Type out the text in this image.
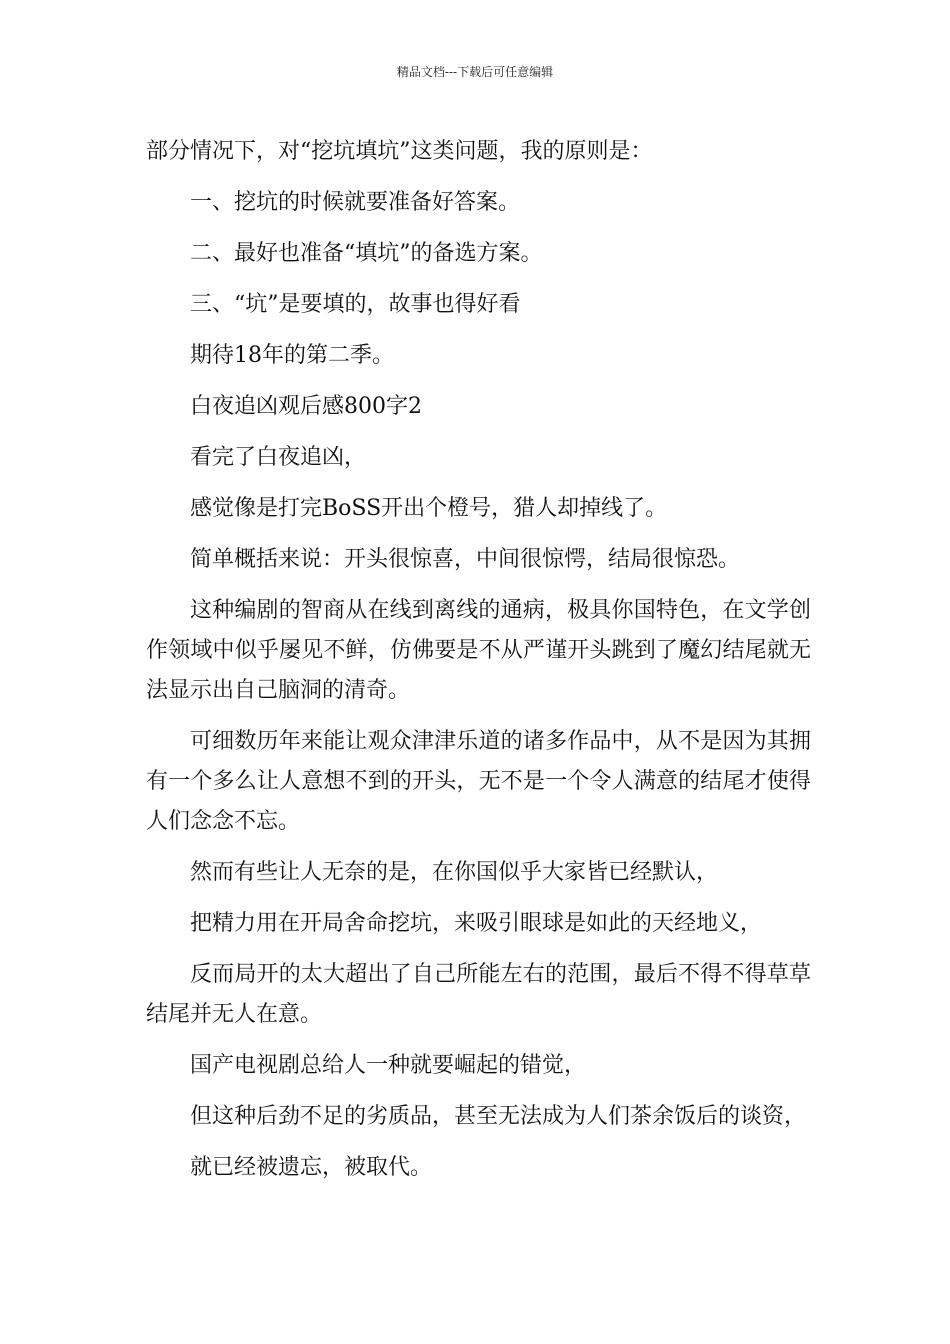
精品文档---下载后可任意编辑

部分情况下，对“挖坑填坑”这类问题，我的原则是：

一、挖坑的时候就要准备好答案。

二、最好也准备“填坑”的备选方案。

三、“坑”是要填的，故事也得好看

期待18年的第二季。

白夜追凶观后感800字2

看完了白夜追凶，

感觉像是打完BoSS开出个橙号，猎人却掉线了。

简单概括来说：开头很惊喜，中间很惊愕，结局很惊恐。

这种编剧的智商从在线到离线的通病，极具你国特色，在文学创作领域中似乎屡见不鲜，仿佛要是不从严谨开头跳到了魔幻结尾就无法显示出自己脑洞的清奇。

可细数历年来能让观众津津乐道的诸多作品中，从不是因为其拥有一个多么让人意想不到的开头，无不是一个令人满意的结尾才使得人们念念不忘。

然而有些让人无奈的是，在你国似乎大家皆已经默认，

把精力用在开局舍命挖坑，来吸引眼球是如此的天经地义，

反而局开的太大超出了自己所能左右的范围，最后不得不得草草结尾并无人在意。

国产电视剧总给人一种就要崛起的错觉，

但这种后劲不足的劣质品，甚至无法成为人们茶余饭后的谈资，

就已经被遗忘，被取代。
